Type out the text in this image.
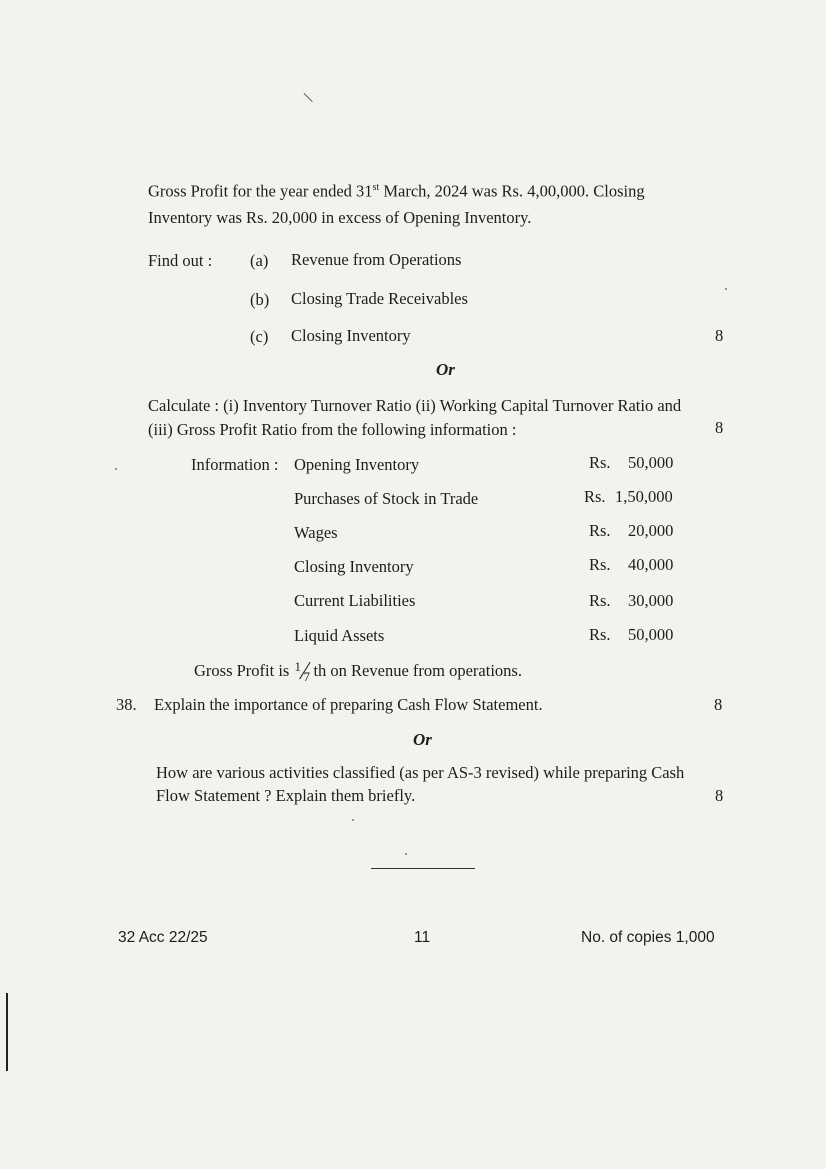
Gross Profit for the year ended 31st March, 2024 was Rs. 4,00,000. Closing
Inventory was Rs. 20,000 in excess of Opening Inventory.
Find out : (a) Revenue from Operations
(b) Closing Trade Receivables
(c) Closing Inventory	8
Or
Calculate : (i) Inventory Turnover Ratio (ii) Working Capital Turnover Ratio and
(iii) Gross Profit Ratio from the following information :	8
Information : Opening Inventory	Rs. 50,000
Purchases of Stock in Trade	Rs. 1,50,000
Wages	Rs. 20,000
Closing Inventory	Rs. 40,000
Current Liabilities	Rs. 30,000
Liquid Assets	Rs. 50,000
Gross Profit is 1
7 th on Revenue from operations.
38. Explain the importance of preparing Cash Flow Statement.	8
Or
How are various activities classified (as per AS-3 revised) while preparing Cash
Flow Statement ? Explain them briefly.	8
32 Acc 22/25	11	No. of copies 1,000
